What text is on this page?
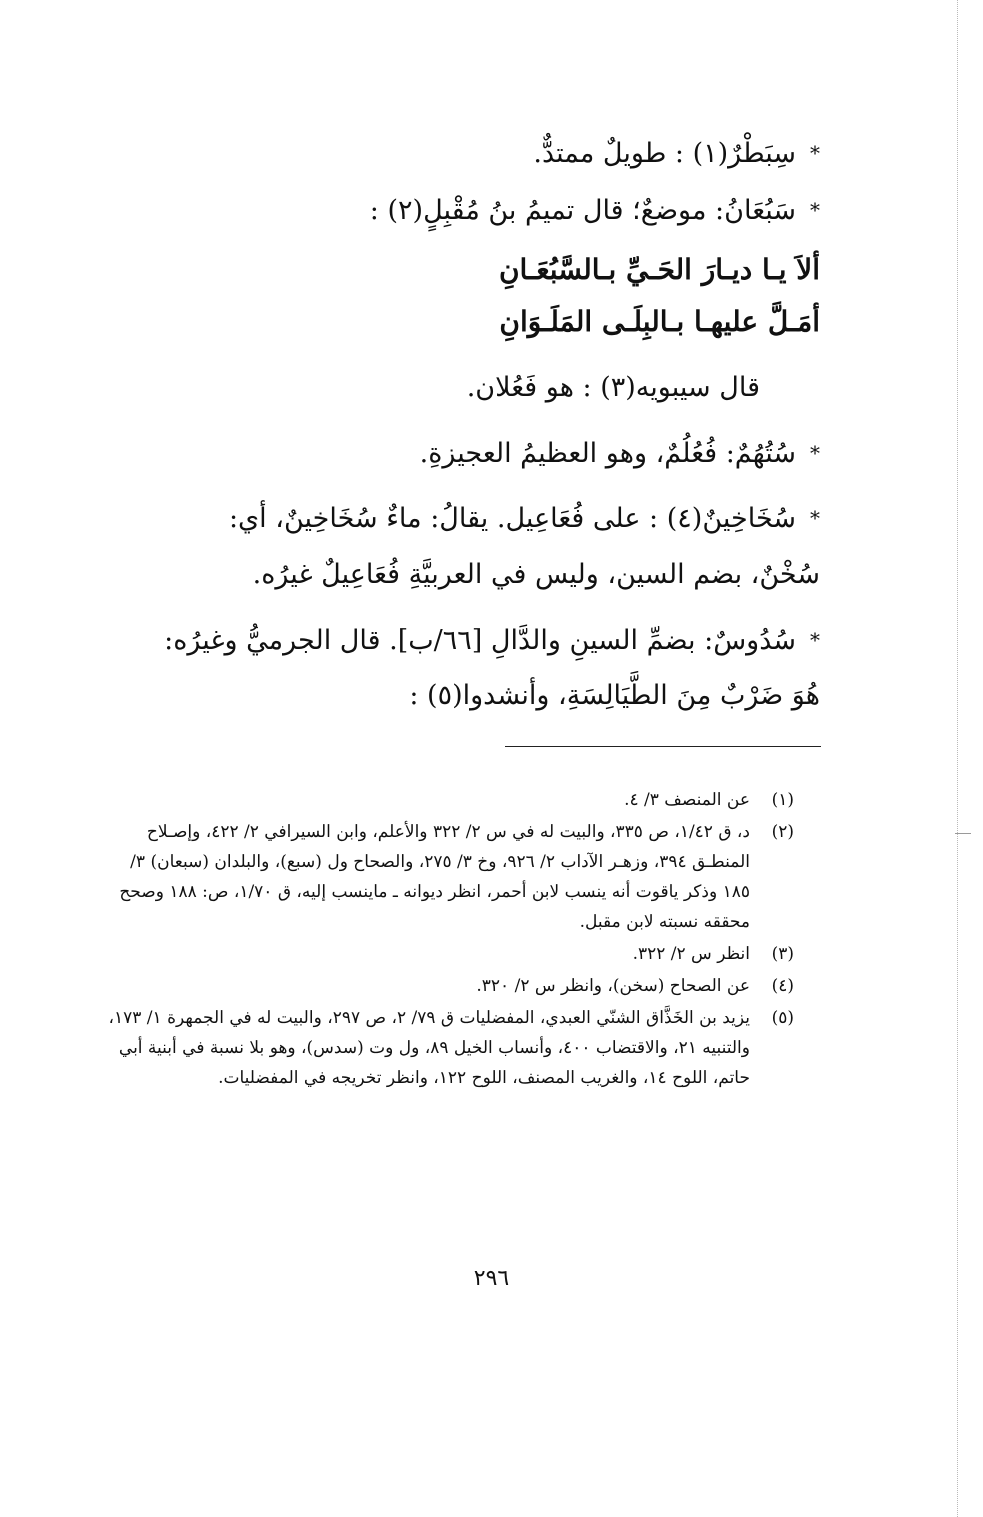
*سِبَطْرٌ(١) : طويلٌ ممتدٌّ.
*سَبُعَانُ: موضعٌ؛ قال تميمُ بنُ مُقْبِلٍ(٢) :
ألاَ يـا ديـارَ الحَـيِّ بـالسَّبُعَـانِ
أمَـلَّ عليهـا بـالبِلَـى المَلَـوَانِ
قال سيبويه(٣) : هو فَعُلان.
*سُتُهُمٌ: فُعُلُمٌ، وهو العظيمُ العجيزةِ.
*سُخَاخِينٌ(٤) : على فُعَاعِيل. يقالُ: ماءٌ سُخَاخِينٌ، أي:
سُخْنٌ، بضم السين، وليس في العربيَّةِ فُعَاعِيلٌ غيرُه.
*سُدُوسٌ: بضمِّ السينِ والدَّالِ [٦٦/ب]. قال الجرميُّ وغيرُه:
هُوَ ضَرْبٌ مِنَ الطَّيَالِسَةِ، وأنشدوا(٥) :
(١)
عن المنصف ٣/ ٤.
(٢)
د، ق ١/٤٢، ص ٣٣٥، والبيت له في س ٢/ ٣٢٢ والأعلم، وابن السيرافي ٢/ ٤٢٢، وإصـلاح المنطـق ٣٩٤، وزهـر الآداب ٢/ ٩٢٦، وخ ٣/ ٢٧٥، والصحاح ول (سبع)، والبلدان (سبعان) ٣/ ١٨٥ وذكر ياقوت أنه ينسب لابن أحمر، انظر ديوانه ـ ماينسب إليه، ق ١/٧٠، ص: ١٨٨ وصحح محققه نسبته لابن مقبل.
(٣)
انظر س ٢/ ٣٢٢.
(٤)
عن الصحاح (سخن)، وانظر س ٢/ ٣٢٠.
(٥)
يزيد بن الخَذَّاق الشنّي العبدي، المفضليات ق ٧٩/ ٢، ص ٢٩٧، والبيت له في الجمهرة ١/ ١٧٣، والتنبيه ٢١، والاقتضاب ٤٠٠، وأنساب الخيل ٨٩، ول وت (سدس)، وهو بلا نسبة في أبنية أبي حاتم، اللوح ١٤، والغريب المصنف، اللوح ١٢٢، وانظر تخريجه في المفضليات.
٢٩٦
